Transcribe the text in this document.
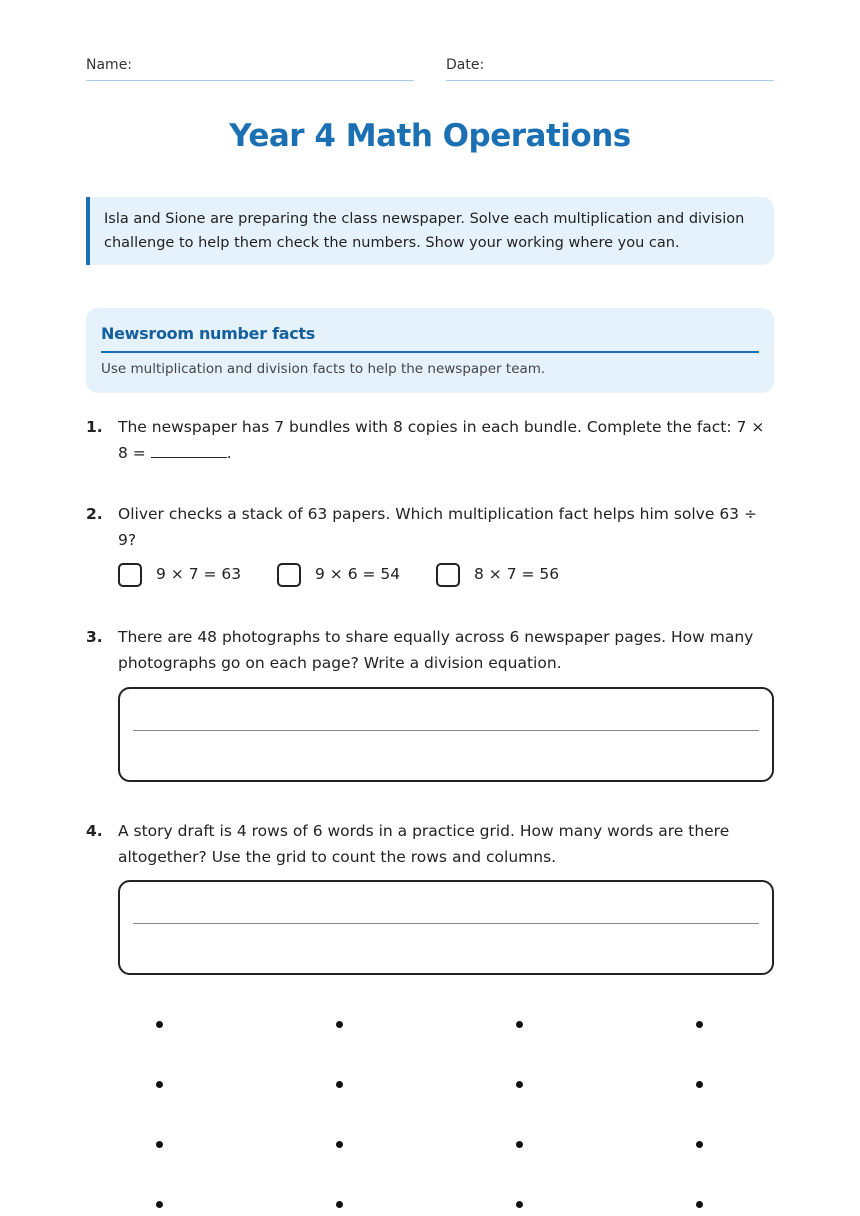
Name:	Date:
Year 4 Math Operations
Isla and Sione are preparing the class newspaper. Solve each multiplication and division challenge to help them check the numbers. Show your working where you can.
Newsroom number facts
Use multiplication and division facts to help the newspaper team.
1. The newspaper has 7 bundles with 8 copies in each bundle. Complete the fact: 7 × 8 =	.
2. Oliver checks a stack of 63 papers. Which multiplication fact helps him solve 63 ÷ 9?
9 × 7 = 63	9 × 6 = 54	8 × 7 = 56
3. There are 48 photographs to share equally across 6 newspaper pages. How many photographs go on each page? Write a division equation.
4. A story draft is 4 rows of 6 words in a practice grid. How many words are there altogether? Use the grid to count the rows and columns.
